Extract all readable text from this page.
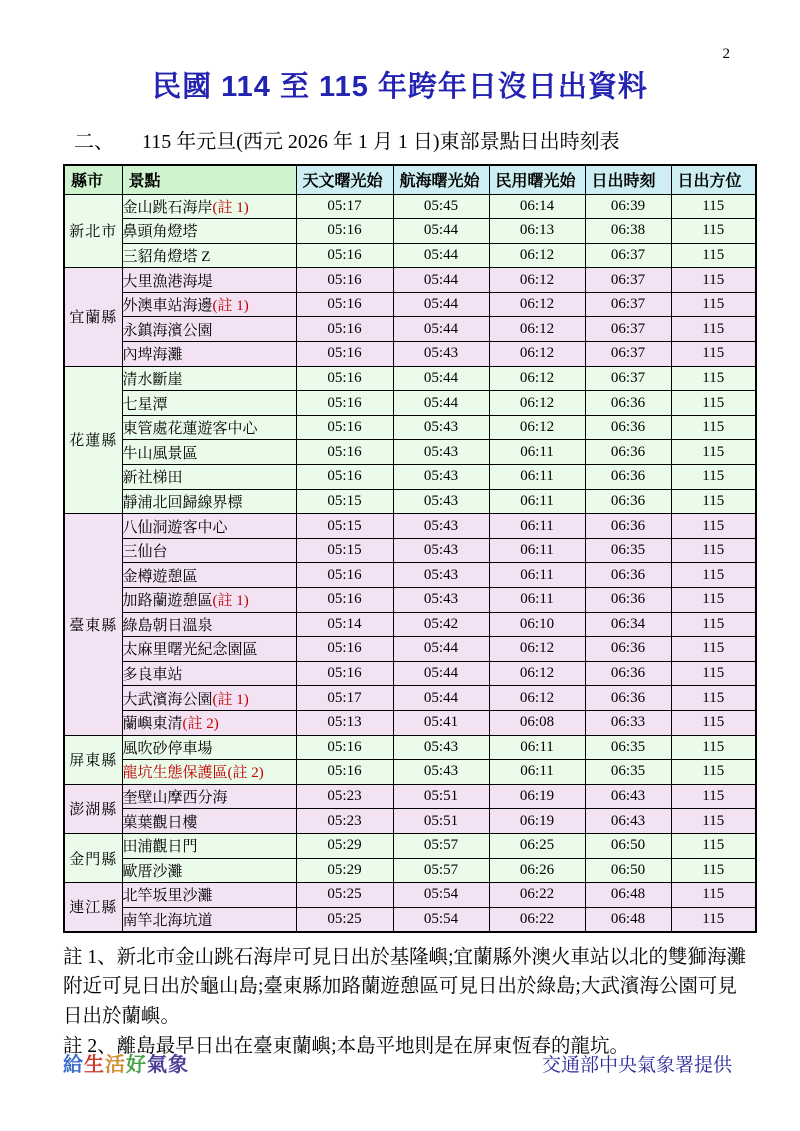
2
民國 114 至 115 年跨年日沒日出資料
二、 115 年元旦(西元 2026 年 1 月 1 日)東部景點日出時刻表
縣市	景點	天文曙光始	航海曙光始	民用曙光始	日出時刻	日出方位
新北市	金山跳石海岸(註 1)	05:17	05:45	06:14	06:39	115
	鼻頭角燈塔	05:16	05:44	06:13	06:38	115
	三貂角燈塔 Z	05:16	05:44	06:12	06:37	115
宜蘭縣	大里漁港海堤	05:16	05:44	06:12	06:37	115
	外澳車站海邊(註 1)	05:16	05:44	06:12	06:37	115
	永鎮海濱公園	05:16	05:44	06:12	06:37	115
	內埤海灘	05:16	05:43	06:12	06:37	115
花蓮縣	清水斷崖	05:16	05:44	06:12	06:37	115
	七星潭	05:16	05:44	06:12	06:36	115
	東管處花蓮遊客中心	05:16	05:43	06:12	06:36	115
	牛山風景區	05:16	05:43	06:11	06:36	115
	新社梯田	05:16	05:43	06:11	06:36	115
	靜浦北回歸線界標	05:15	05:43	06:11	06:36	115
臺東縣	八仙洞遊客中心	05:15	05:43	06:11	06:36	115
	三仙台	05:15	05:43	06:11	06:35	115
	金樽遊憩區	05:16	05:43	06:11	06:36	115
	加路蘭遊憩區(註 1)	05:16	05:43	06:11	06:36	115
	綠島朝日溫泉	05:14	05:42	06:10	06:34	115
	太麻里曙光紀念園區	05:16	05:44	06:12	06:36	115
	多良車站	05:16	05:44	06:12	06:36	115
	大武濱海公園(註 1)	05:17	05:44	06:12	06:36	115
	蘭嶼東清(註 2)	05:13	05:41	06:08	06:33	115
屏東縣	風吹砂停車場	05:16	05:43	06:11	06:35	115
	龍坑生態保護區(註 2)	05:16	05:43	06:11	06:35	115
澎湖縣	奎壁山摩西分海	05:23	05:51	06:19	06:43	115
	菓葉觀日樓	05:23	05:51	06:19	06:43	115
金門縣	田浦觀日門	05:29	05:57	06:25	06:50	115
	歐厝沙灘	05:29	05:57	06:26	06:50	115
連江縣	北竿坂里沙灘	05:25	05:54	06:22	06:48	115
	南竿北海坑道	05:25	05:54	06:22	06:48	115

註 1、新北市金山跳石海岸可見日出於基隆嶼;宜蘭縣外澳火車站以北的雙獅海灘附近可見日出於龜山島;臺東縣加路蘭遊憩區可見日出於綠島;大武濱海公園可見日出於蘭嶼。

註 2、離島最早日出在臺東蘭嶼;本島平地則是在屏東恆春的龍坑。

給生活好氣象	交通部中央氣象署提供
